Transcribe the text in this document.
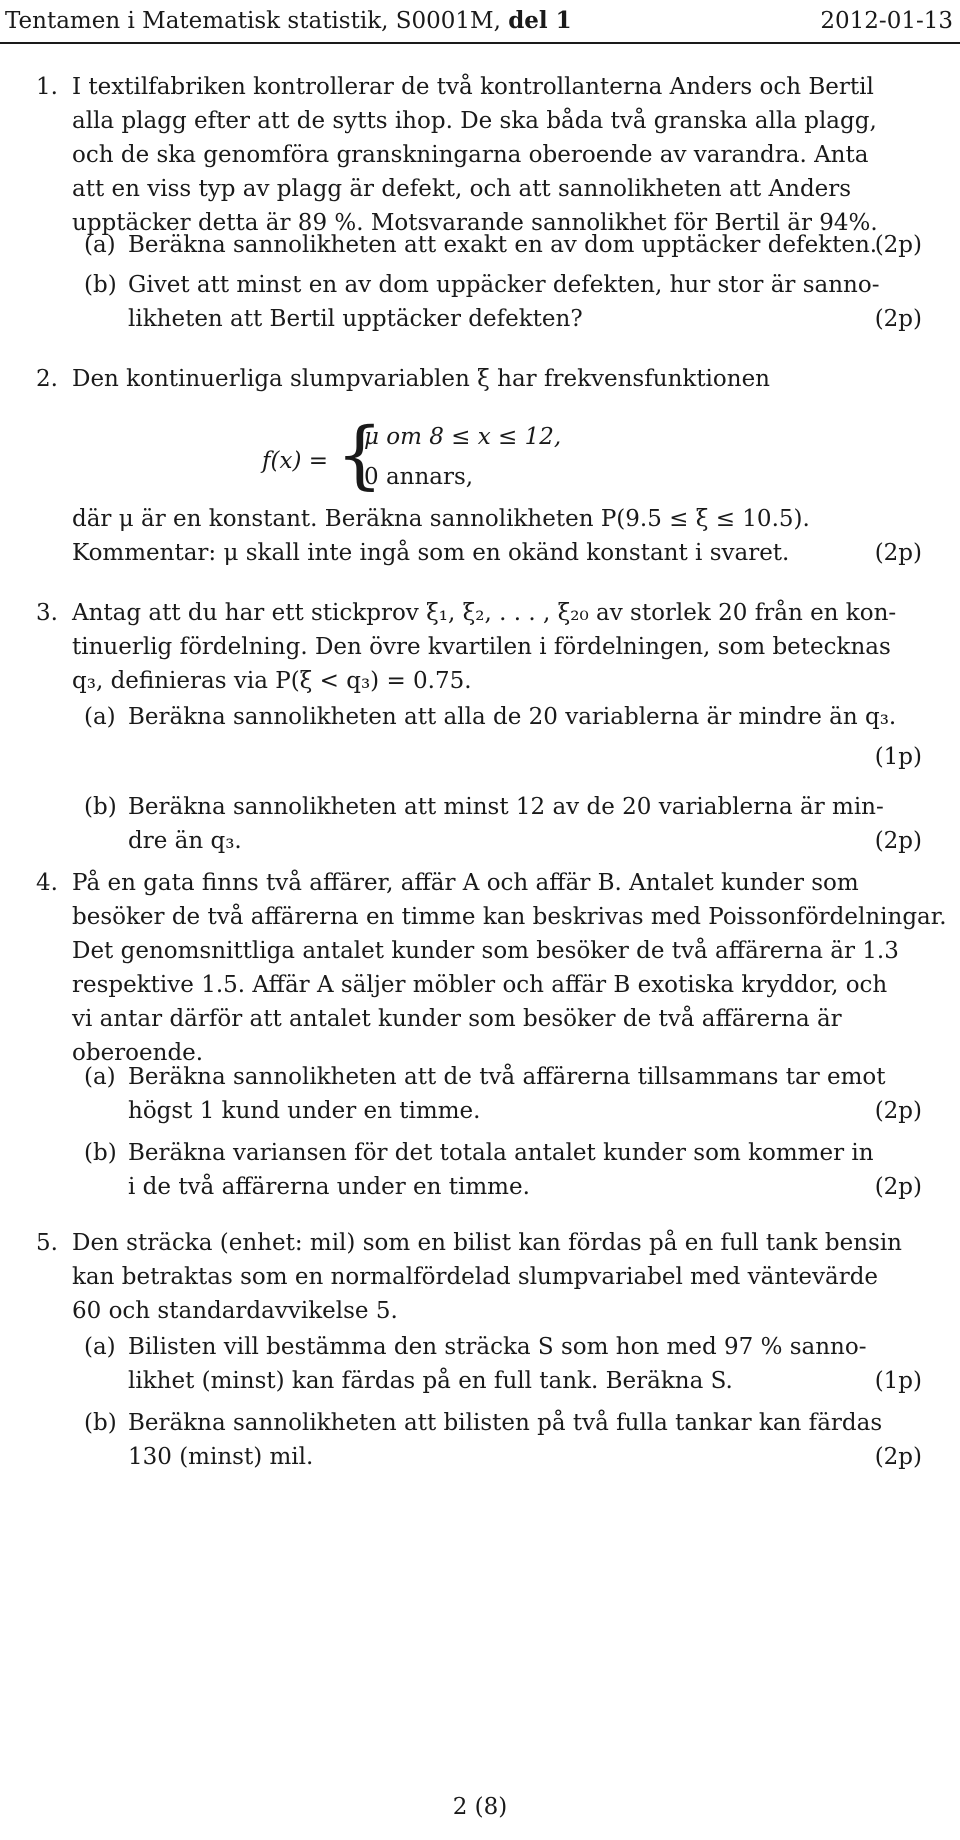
Tentamen i Matematisk statistik, S0001M, del 1	2012-01-13
1. I textilfabriken kontrollerar de två kontrollanterna Anders och Bertil
alla plagg efter att de sytts ihop. De ska båda två granska alla plagg,
och de ska genomföra granskningarna oberoende av varandra. Anta
att en viss typ av plagg är defekt, och att sannolikheten att Anders
upptäcker detta är 89 %. Motsvarande sannolikhet för Bertil är 94%.
(a) Beräkna sannolikheten att exakt en av dom upptäcker defekten.
(2p)
(b) Givet att minst en av dom uppäcker defekten, hur stor är sanno-
likheten att Bertil upptäcker defekten?	(2p)
2. Den kontinuerliga slumpvariablen ξ har frekvensfunktionen
f(x) = {
μ om 8 ≤ x ≤ 12,
0 annars,
där μ är en konstant. Beräkna sannolikheten P(9.5 ≤ ξ ≤ 10.5).
Kommentar: μ skall inte ingå som en okänd konstant i svaret.	(2p)
3. Antag att du har ett stickprov ξ₁, ξ₂, . . . , ξ₂₀ av storlek 20 från en kon-
tinuerlig fördelning. Den övre kvartilen i fördelningen, som betecknas
q₃, definieras via P(ξ < q₃) = 0.75.
(a) Beräkna sannolikheten att alla de 20 variablerna är mindre än q₃.
(1p)
(b) Beräkna sannolikheten att minst 12 av de 20 variablerna är min-
dre än q₃.	(2p)
4. På en gata finns två affärer, affär A och affär B. Antalet kunder som
besöker de två affärerna en timme kan beskrivas med Poissonfördelningar.
Det genomsnittliga antalet kunder som besöker de två affärerna är 1.3
respektive 1.5. Affär A säljer möbler och affär B exotiska kryddor, och
vi antar därför att antalet kunder som besöker de två affärerna är
oberoende.
(a) Beräkna sannolikheten att de två affärerna tillsammans tar emot
högst 1 kund under en timme.	(2p)
(b) Beräkna variansen för det totala antalet kunder som kommer in
i de två affärerna under en timme.	(2p)
5. Den sträcka (enhet: mil) som en bilist kan fördas på en full tank bensin
kan betraktas som en normalfördelad slumpvariabel med väntevärde
60 och standardavvikelse 5.
(a) Bilisten vill bestämma den sträcka S som hon med 97 % sanno-
likhet (minst) kan färdas på en full tank. Beräkna S.	(1p)
(b) Beräkna sannolikheten att bilisten på två fulla tankar kan färdas
130 (minst) mil.	(2p)
2 (8)
